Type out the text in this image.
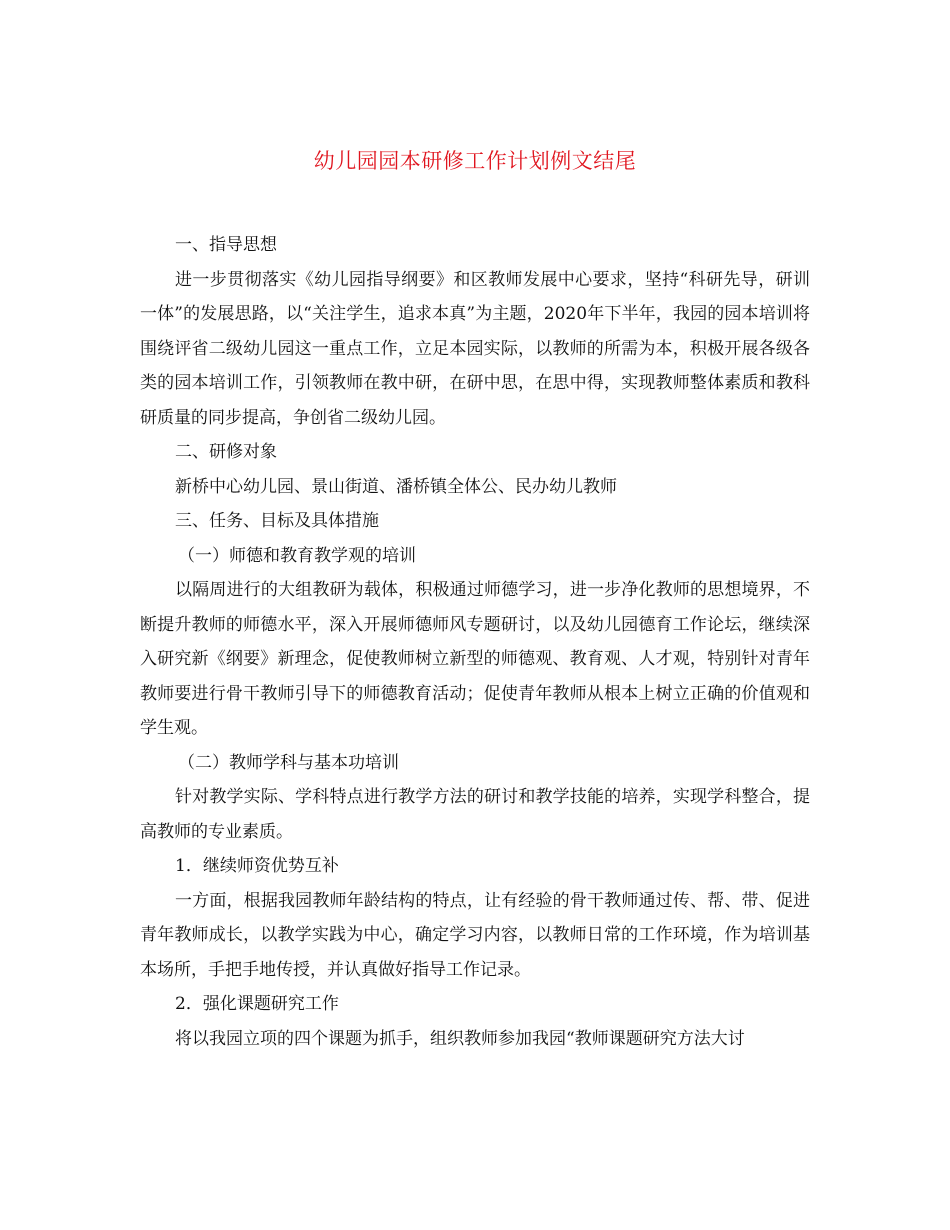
幼儿园园本研修工作计划例文结尾

一、指导思想

进一步贯彻落实《幼儿园指导纲要》和区教师发展中心要求，坚持“科研先导，研训一体”的发展思路，以“关注学生，追求本真”为主题，2020年下半年，我园的园本培训将围绕评省二级幼儿园这一重点工作，立足本园实际，以教师的所需为本，积极开展各级各类的园本培训工作，引领教师在教中研，在研中思，在思中得，实现教师整体素质和教科研质量的同步提高，争创省二级幼儿园。

二、研修对象

新桥中心幼儿园、景山街道、潘桥镇全体公、民办幼儿教师

三、任务、目标及具体措施

（一）师德和教育教学观的培训

以隔周进行的大组教研为载体，积极通过师德学习，进一步净化教师的思想境界，不断提升教师的师德水平，深入开展师德师风专题研讨，以及幼儿园德育工作论坛，继续深入研究新《纲要》新理念，促使教师树立新型的师德观、教育观、人才观，特别针对青年教师要进行骨干教师引导下的师德教育活动；促使青年教师从根本上树立正确的价值观和学生观。

（二）教师学科与基本功培训

针对教学实际、学科特点进行教学方法的研讨和教学技能的培养，实现学科整合，提高教师的专业素质。

1．继续师资优势互补

一方面，根据我园教师年龄结构的特点，让有经验的骨干教师通过传、帮、带、促进青年教师成长，以教学实践为中心，确定学习内容，以教师日常的工作环境，作为培训基本场所，手把手地传授，并认真做好指导工作记录。

2．强化课题研究工作

将以我园立项的四个课题为抓手，组织教师参加我园“教师课题研究方法大讨
